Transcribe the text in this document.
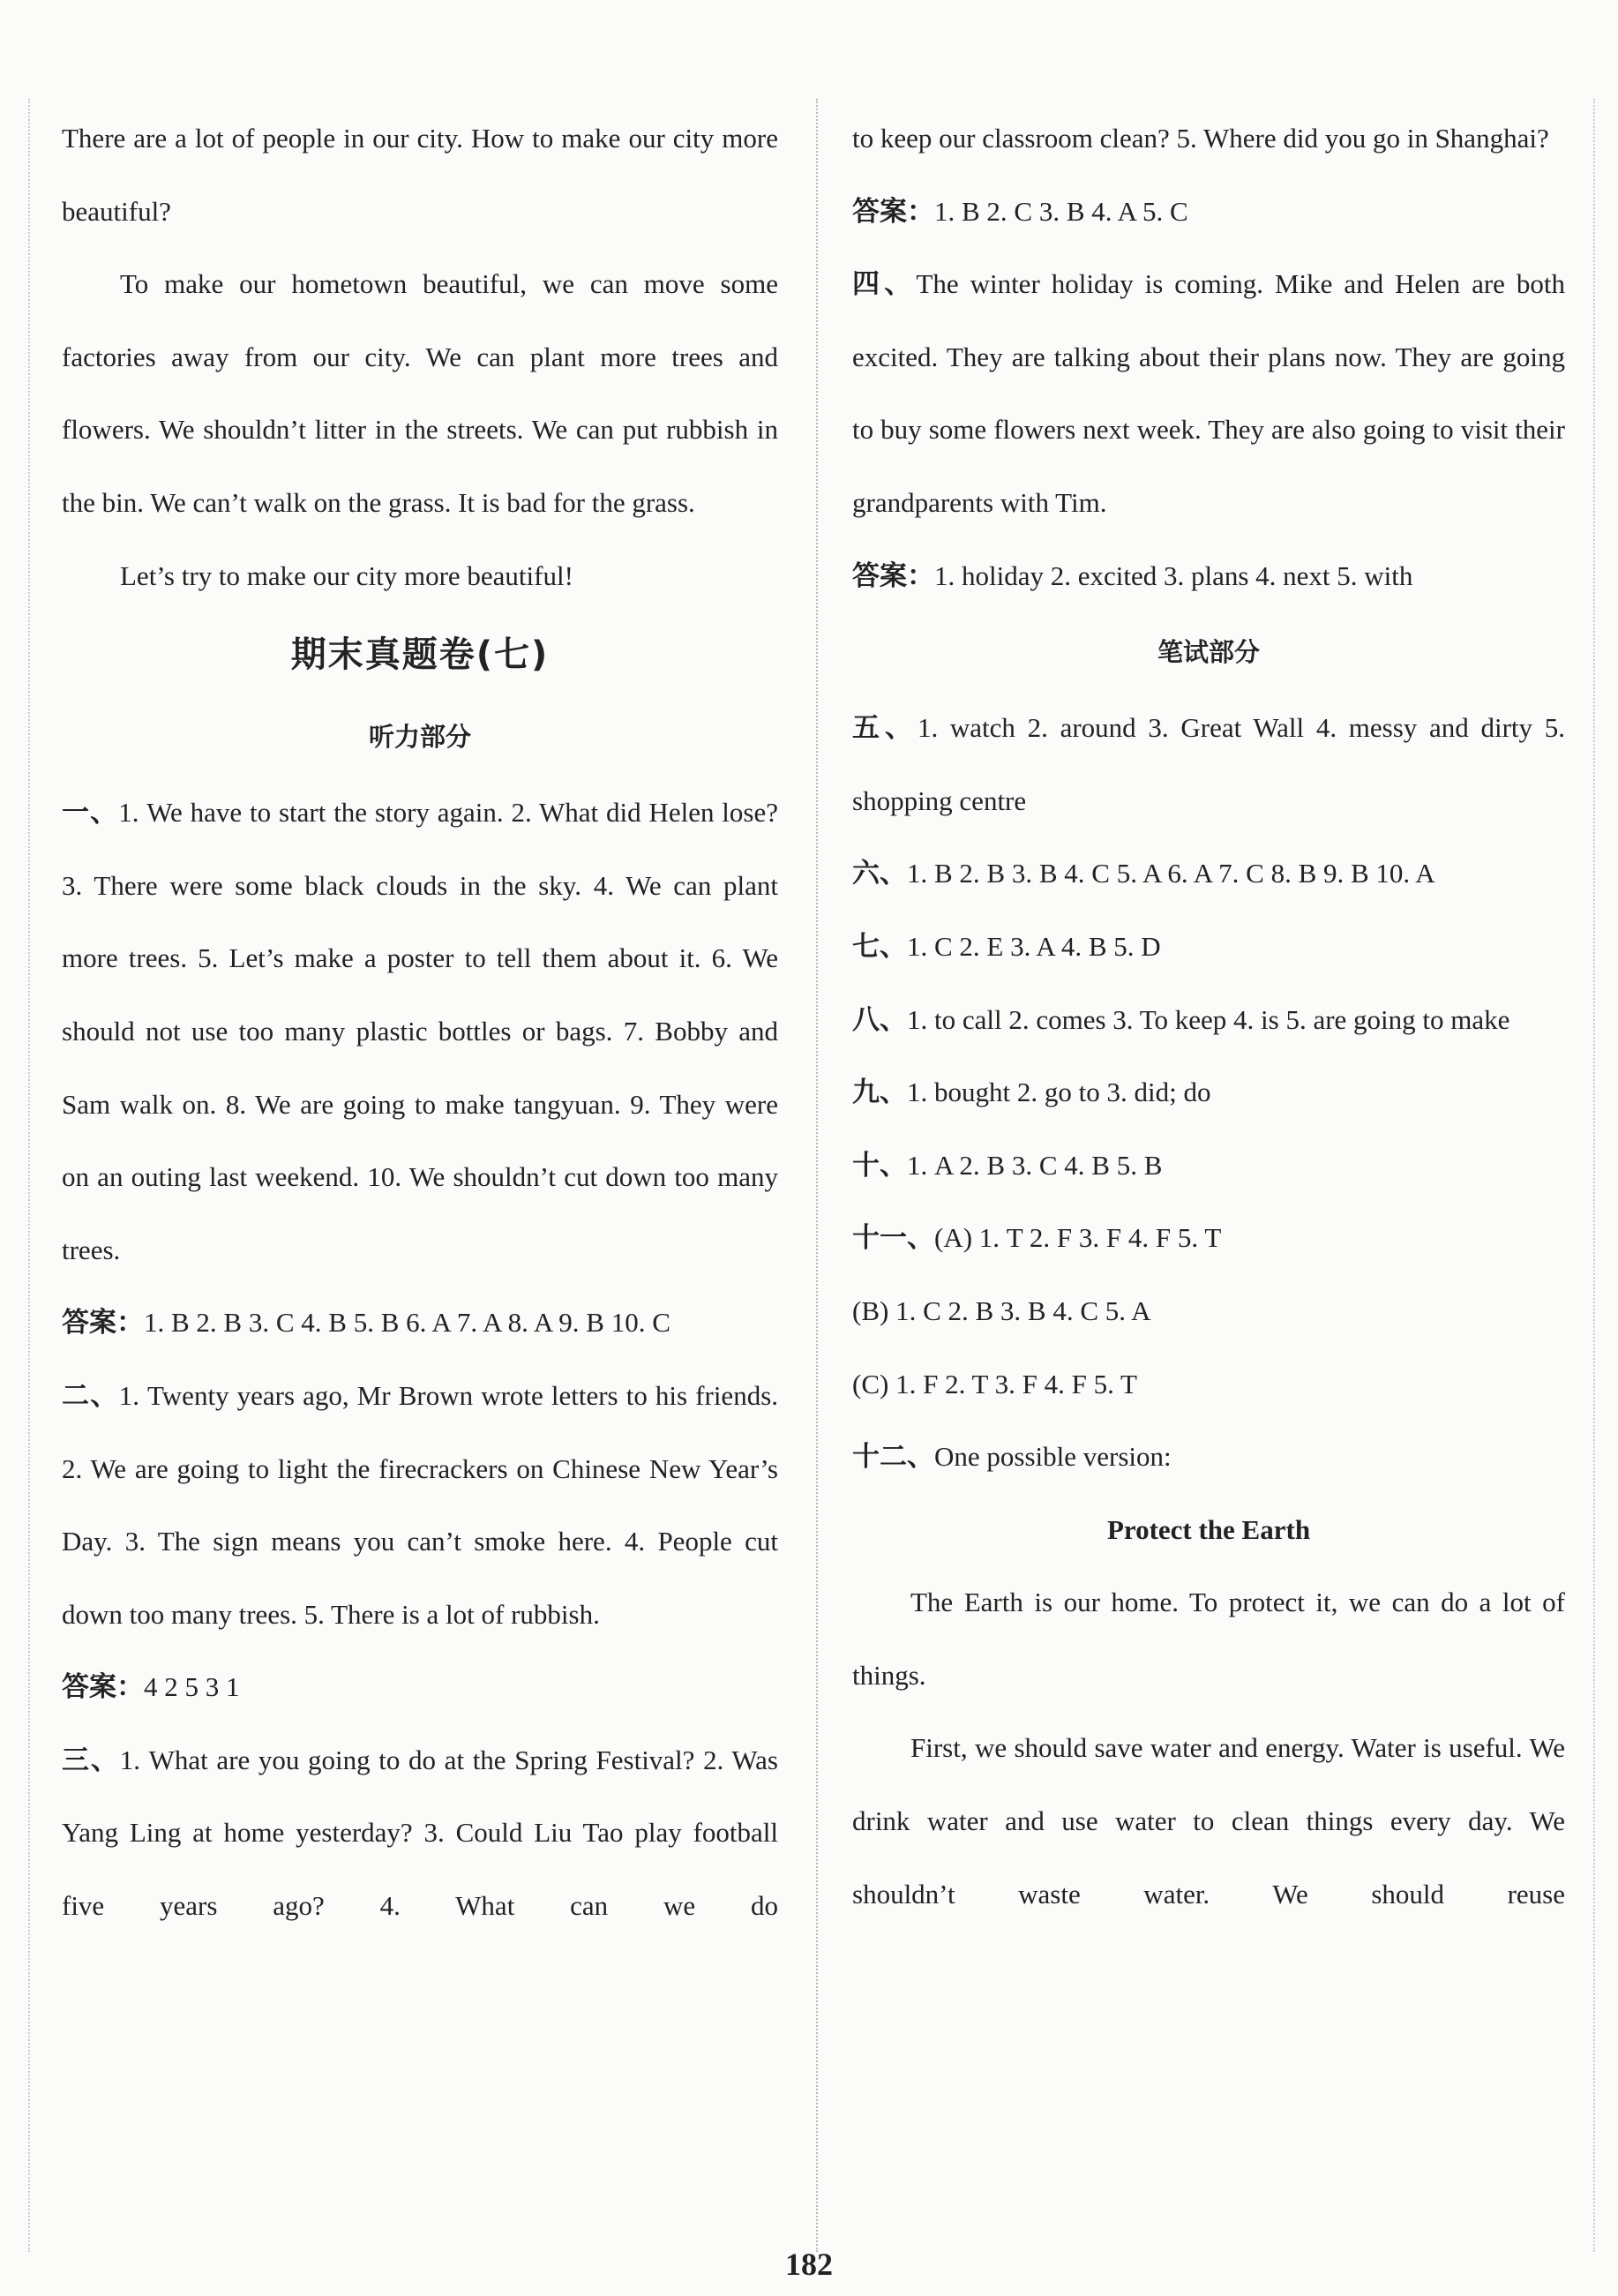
There are a lot of people in our city. How to make our city more beautiful?

To make our hometown beautiful, we can move some factories away from our city. We can plant more trees and flowers. We shouldn’t litter in the streets. We can put rubbish in the bin. We can’t walk on the grass. It is bad for the grass.

Let’s try to make our city more beautiful!

期末真题卷(七)
听力部分

一、1. We have to start the story again. 2. What did Helen lose? 3. There were some black clouds in the sky. 4. We can plant more trees. 5. Let’s make a poster to tell them about it. 6. We should not use too many plastic bottles or bags. 7. Bobby and Sam walk on. 8. We are going to make tangyuan. 9. They were on an outing last weekend. 10. We shouldn’t cut down too many trees.

答案：1. B 2. B 3. C 4. B 5. B 6. A 7. A 8. A 9. B 10. C

二、1. Twenty years ago, Mr Brown wrote letters to his friends. 2. We are going to light the firecrackers on Chinese New Year’s Day. 3. The sign means you can’t smoke here. 4. People cut down too many trees. 5. There is a lot of rubbish.

答案：4 2 5 3 1

三、1. What are you going to do at the Spring Festival? 2. Was Yang Ling at home yesterday? 3. Could Liu Tao play football five years ago? 4. What can we do

to keep our classroom clean? 5. Where did you go in Shanghai?

答案：1. B 2. C 3. B 4. A 5. C

四、The winter holiday is coming. Mike and Helen are both excited. They are talking about their plans now. They are going to buy some flowers next week. They are also going to visit their grandparents with Tim.

答案：1. holiday 2. excited 3. plans 4. next 5. with

笔试部分

五、1. watch 2. around 3. Great Wall 4. messy and dirty 5. shopping centre

六、1. B 2. B 3. B 4. C 5. A 6. A 7. C 8. B 9. B 10. A

七、1. C 2. E 3. A 4. B 5. D

八、1. to call 2. comes 3. To keep 4. is 5. are going to make

九、1. bought 2. go to 3. did; do

十、1. A 2. B 3. C 4. B 5. B

十一、(A) 1. T 2. F 3. F 4. F 5. T

(B) 1. C 2. B 3. B 4. C 5. A

(C) 1. F 2. T 3. F 4. F 5. T

十二、One possible version:

Protect the Earth

The Earth is our home. To protect it, we can do a lot of things.

First, we should save water and energy. Water is useful. We drink water and use water to clean things every day. We shouldn’t waste water. We should reuse

182
